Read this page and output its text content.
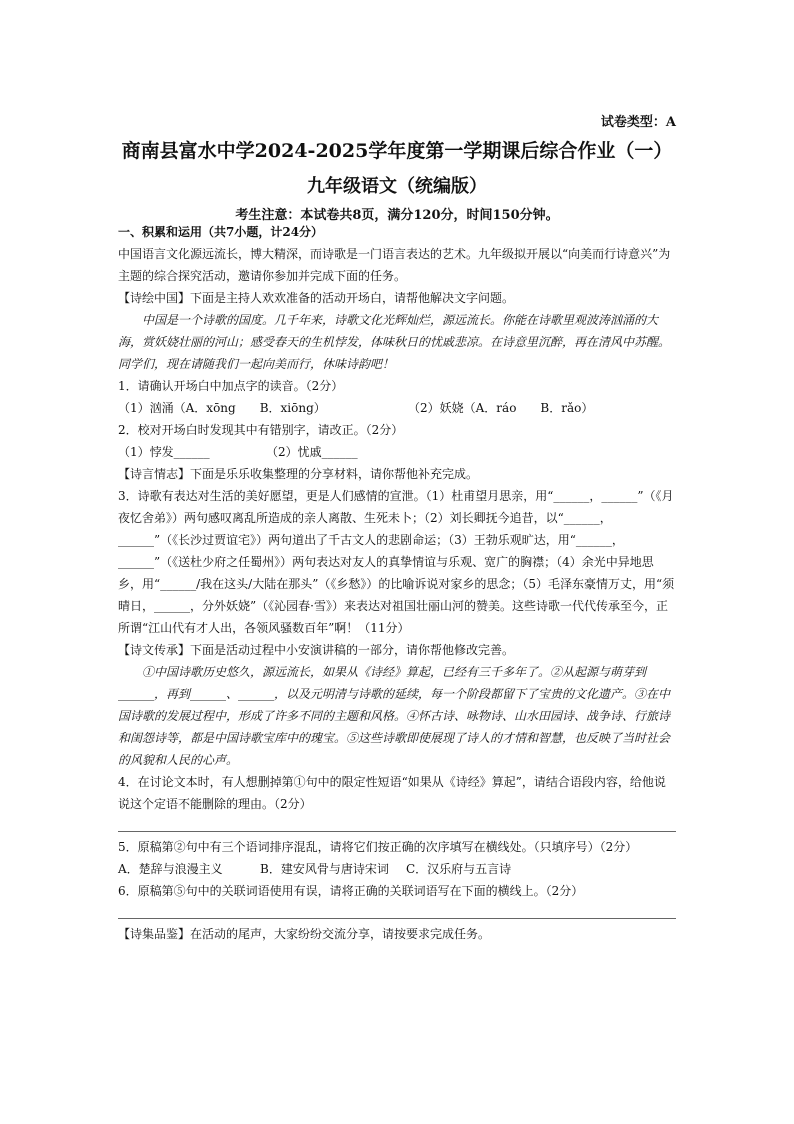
试卷类型：A
商南县富水中学2024-2025学年度第一学期课后综合作业（一）
九年级语文（统编版）
考生注意：本试卷共8页，满分120分，时间150分钟。

一、积累和运用（共7小题，计24分）

中国语言文化源远流长，博大精深，而诗歌是一门语言表达的艺术。九年级拟开展以“向美而行诗意兴”为主题的综合探究活动，邀请你参加并完成下面的任务。

【诗绘中国】下面是主持人欢欢准备的活动开场白，请帮他解决文字问题。

中国是一个诗歌的国度。几千年来，诗歌文化光辉灿烂，源远流长。你能在诗歌里观波涛汹涌的大海，赏妖娆壮丽的河山；感受春天的生机悖发，体味秋日的忧戚悲凉。在诗意里沉醉，再在清风中苏醒。同学们，现在请随我们一起向美而行，休味诗韵吧！

1．请确认开场白中加点字的读音。（2分）

（1）汹涌（A．xōng　　B．xiōng）	（2）妖娆（A．ráo　　B．rǎo）

2．校对开场白时发现其中有错别字，请改正。（2分）

（1）悖发______	（2）忧戚______

【诗言情志】下面是乐乐收集整理的分享材料，请你帮他补充完成。

3．诗歌有表达对生活的美好愿望，更是人们感情的宣泄。（1）杜甫望月思亲，用“______，______”（《月夜忆舍弟》）两句感叹离乱所造成的亲人离散、生死未卜；（2）刘长卿抚今追昔，以“______，______”（《长沙过贾谊宅》）两句道出了千古文人的悲剧命运；（3）王勃乐观旷达，用“______，______”（《送杜少府之任蜀州》）两句表达对友人的真挚情谊与乐观、宽广的胸襟；（4）余光中异地思乡，用“______/我在这头/大陆在那头”（《乡愁》）的比喻诉说对家乡的思念；（5）毛泽东豪情万丈，用“须晴日，______，分外妖娆”（《沁园春·雪》）来表达对祖国壮丽山河的赞美。这些诗歌一代代传承至今，正所谓“江山代有才人出，各领风骚数百年”啊！（11分）

【诗文传承】下面是活动过程中小安演讲稿的一部分，请你帮他修改完善。

①中国诗歌历史悠久，源远流长，如果从《诗经》算起，已经有三千多年了。②从起源与萌芽到______，再到______、______，以及元明清与诗歌的延续，每一个阶段都留下了宝贵的文化遗产。③在中国诗歌的发展过程中，形成了许多不同的主题和风格。④怀古诗、咏物诗、山水田园诗、战争诗、行旅诗和闺怨诗等，都是中国诗歌宝库中的瑰宝。⑤这些诗歌即使展现了诗人的才情和智慧，也反映了当时社会的风貌和人民的心声。

4．在讨论文本时，有人想删掉第①句中的限定性短语“如果从《诗经》算起”，请结合语段内容，给他说说这个定语不能删除的理由。（2分）

5．原稿第②句中有三个语词排序混乱，请将它们按正确的次序填写在横线处。（只填序号）（2分）

A．楚辞与浪漫主义	B．建安风骨与唐诗宋词	C．汉乐府与五言诗

6．原稿第⑤句中的关联词语使用有误，请将正确的关联词语写在下面的横线上。（2分）

【诗集品鉴】在活动的尾声，大家纷纷交流分享，请按要求完成任务。
